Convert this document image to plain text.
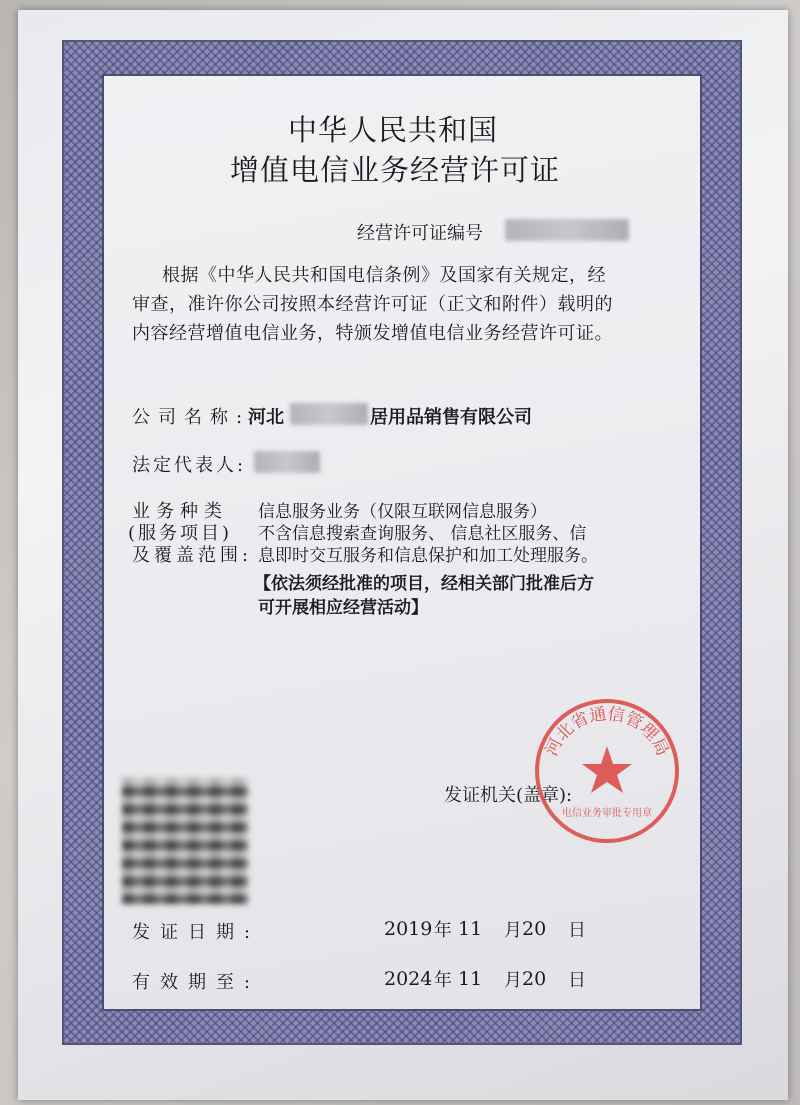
中华人民共和国
增值电信业务经营许可证
经营许可证编号
根据《中华人民共和国电信条例》及国家有关规定，经
审查，准许你公司按照本经营许可证（正文和附件）载明的
内容经营增值电信业务，特颁发增值电信业务经营许可证。
公司名称:
河北	居用品销售有限公司
法定代表人:
业务种类
(服务项目)
及覆盖范围:
信息服务业务（仅限互联网信息服务）
不含信息搜索查询服务、 信息社区服务、信
息即时交互服务和信息保护和加工处理服务。
【依法须经批准的项目，经相关部门批准后方
可开展相应经营活动】
发证机关(盖章):
河北省通信管理局
电信业务审批专用章
发证日期:	2019 年 11 月 20 日
有效期至:	2024 年 11 月 20 日
